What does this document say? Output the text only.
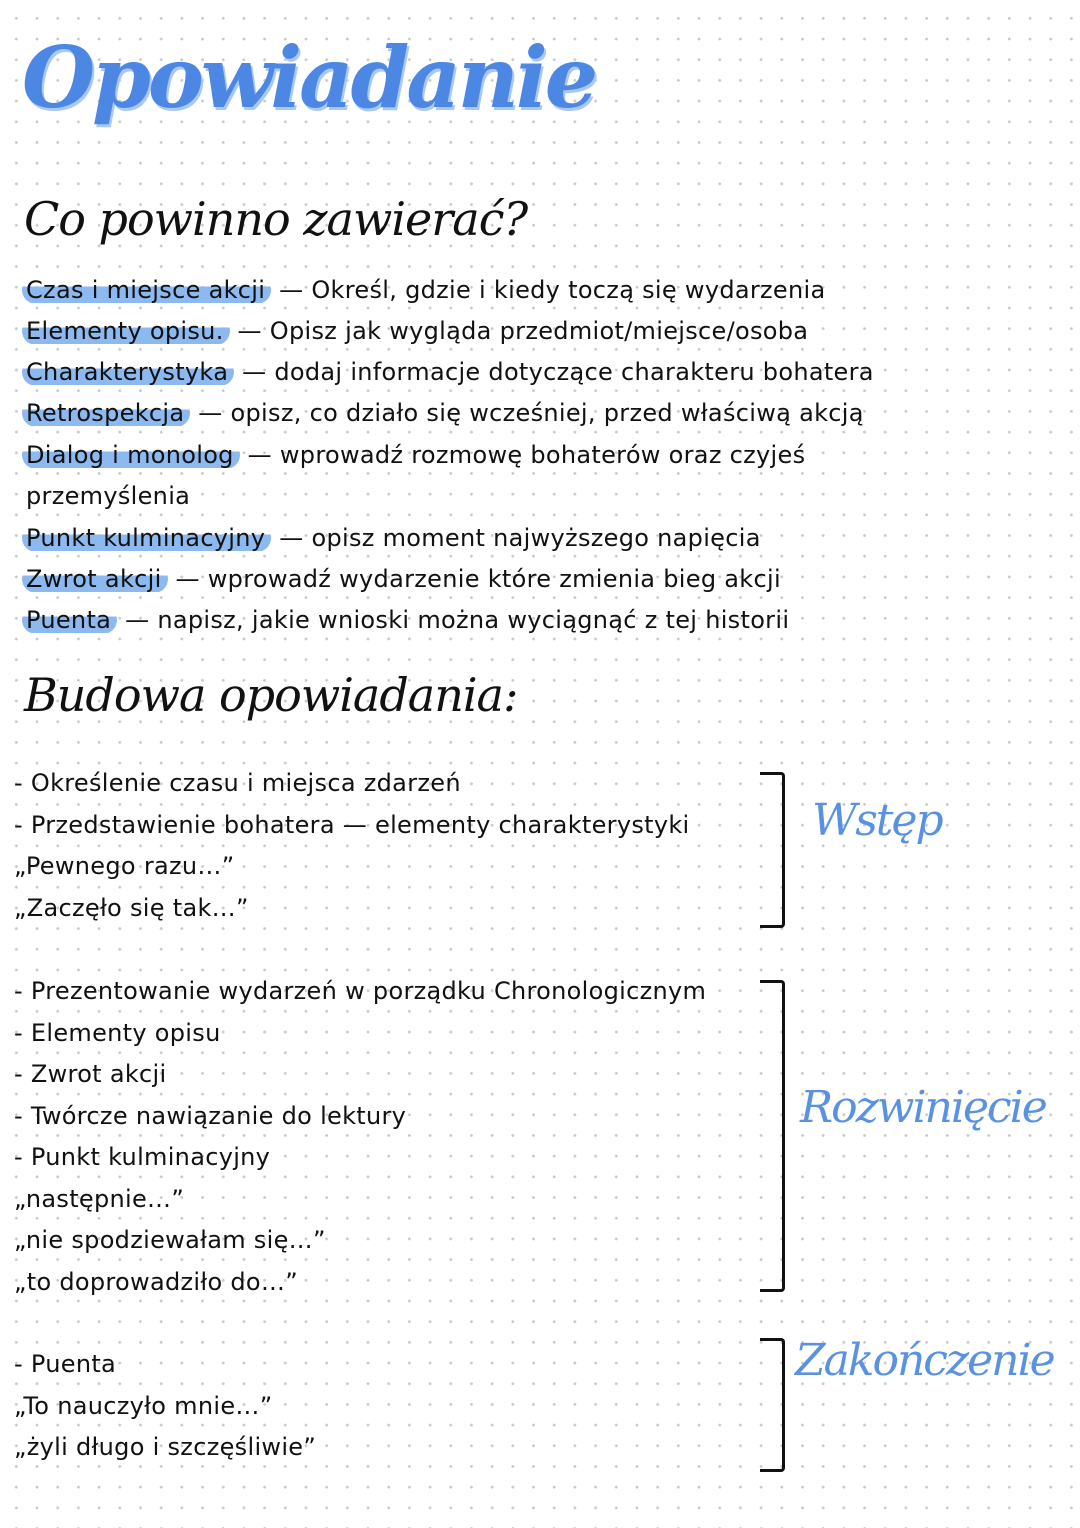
Opowiadanie
Co powinno zawierać?
Czas i miejsce akcji — Określ, gdzie i kiedy toczą się wydarzenia
Elementy opisu. — Opisz jak wygląda przedmiot/miejsce/osoba
Charakterystyka — dodaj informacje dotyczące charakteru bohatera
Retrospekcja — opisz, co działo się wcześniej, przed właściwą akcją
Dialog i monolog — wprowadź rozmowę bohaterów oraz czyjeś
przemyślenia
Punkt kulminacyjny — opisz moment najwyższego napięcia
Zwrot akcji — wprowadź wydarzenie które zmienia bieg akcji
Puenta — napisz, jakie wnioski można wyciągnąć z tej historii
Budowa opowiadania:
- Określenie czasu i miejsca zdarzeń
- Przedstawienie bohatera — elementy charakterystyki
„Pewnego razu…”
„Zaczęło się tak…”
Wstęp
- Prezentowanie wydarzeń w porządku Chronologicznym
- Elementy opisu
- Zwrot akcji
- Twórcze nawiązanie do lektury
- Punkt kulminacyjny
„następnie…”
„nie spodziewałam się…”
„to doprowadziło do…”
Rozwinięcie
- Puenta
„To nauczyło mnie…”
„żyli długo i szczęśliwie”
Zakończenie
